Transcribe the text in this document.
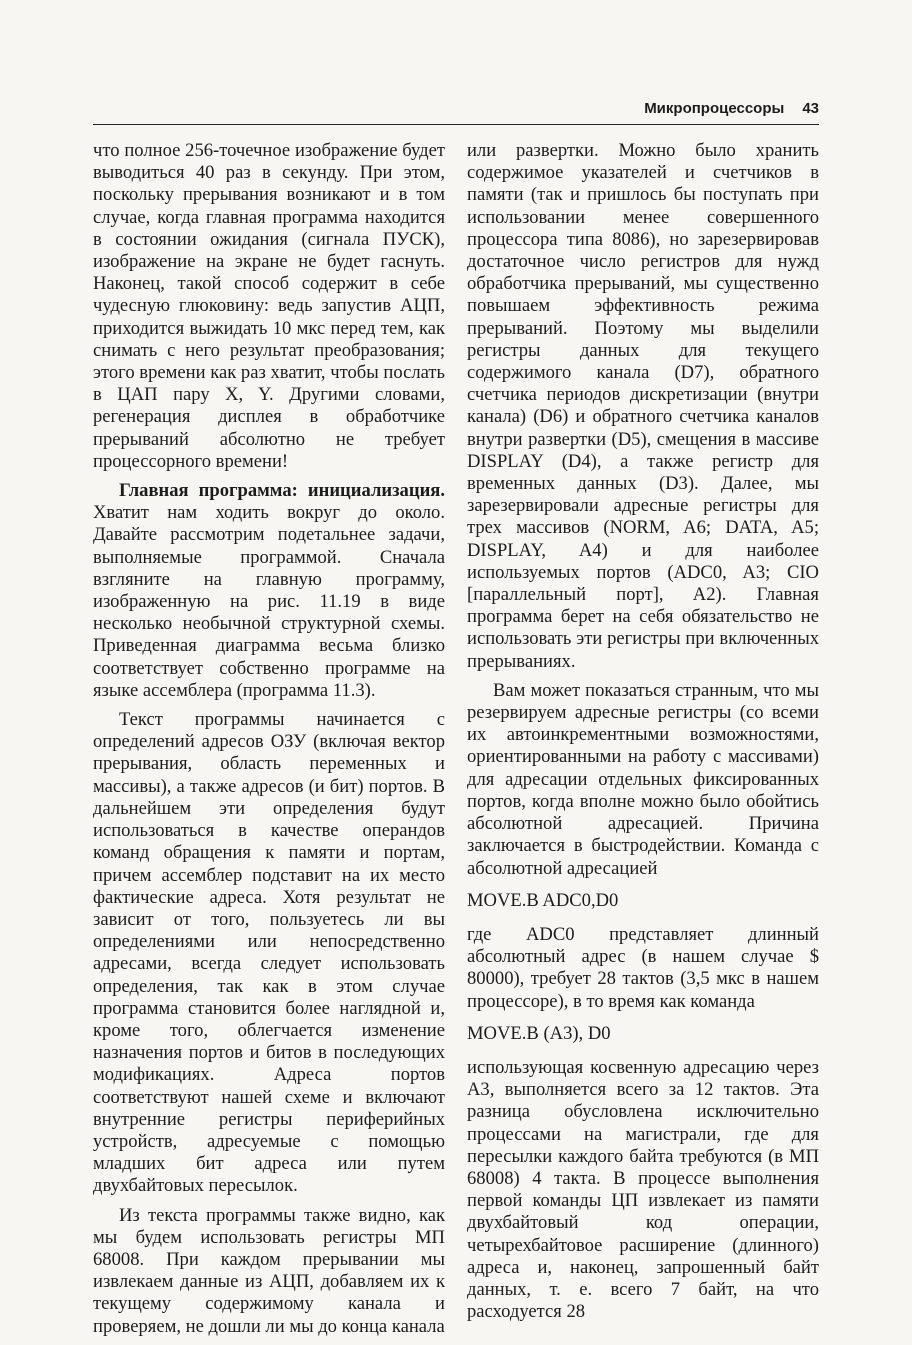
Микропроцессоры 43

что полное 256-точечное изображение будет выводиться 40 раз в секунду. При этом, поскольку прерывания возникают и в том случае, когда главная программа находится в состоянии ожидания (сигнала ПУСК), изображение на экране не будет гаснуть. Наконец, такой способ содержит в себе чудесную глюковину: ведь запустив АЦП, приходится выжидать 10 мкс перед тем, как снимать с него результат преобразования; этого времени как раз хватит, чтобы послать в ЦАП пару X, Y. Другими словами, регенерация дисплея в обработчике прерываний абсолютно не требует процессорного времени!

Главная программа: инициализация. Хватит нам ходить вокруг до около. Давайте рассмотрим подетальнее задачи, выполняемые программой. Сначала взгляните на главную программу, изображенную на рис. 11.19 в виде несколько необычной структурной схемы. Приведенная диаграмма весьма близко соответствует собственно программе на языке ассемблера (программа 11.3).

Текст программы начинается с определений адресов ОЗУ (включая вектор прерывания, область переменных и массивы), а также адресов (и бит) портов. В дальнейшем эти определения будут использоваться в качестве операндов команд обращения к памяти и портам, причем ассемблер подставит на их место фактические адреса. Хотя результат не зависит от того, пользуетесь ли вы определениями или непосредственно адресами, всегда следует использовать определения, так как в этом случае программа становится более наглядной и, кроме того, облегчается изменение назначения портов и битов в последующих модификациях. Адреса портов соответствуют нашей схеме и включают внутренние регистры периферийных устройств, адресуемые с помощью младших бит адреса или путем двухбайтовых пересылок.

Из текста программы также видно, как мы будем использовать регистры МП 68008. При каждом прерывании мы извлекаем данные из АЦП, добавляем их к текущему содержимому канала и проверяем, не дошли ли мы до конца канала

или развертки. Можно было хранить содержимое указателей и счетчиков в памяти (так и пришлось бы поступать при использовании менее совершенного процессора типа 8086), но зарезервировав достаточное число регистров для нужд обработчика прерываний, мы существенно повышаем эффективность режима прерываний. Поэтому мы выделили регистры данных для текущего содержимого канала (D7), обратного счетчика периодов дискретизации (внутри канала) (D6) и обратного счетчика каналов внутри развертки (D5), смещения в массиве DISPLAY (D4), а также регистр для временных данных (D3). Далее, мы зарезервировали адресные регистры для трех массивов (NORM, A6; DATA, A5; DISPLAY, A4) и для наиболее используемых портов (ADC0, A3; CIO [параллельный порт], A2). Главная программа берет на себя обязательство не использовать эти регистры при включенных прерываниях.

Вам может показаться странным, что мы резервируем адресные регистры (со всеми их автоинкрементными возможностями, ориентированными на работу с массивами) для адресации отдельных фиксированных портов, когда вполне можно было обойтись абсолютной адресацией. Причина заключается в быстродействии. Команда с абсолютной адресацией

MOVE.B ADC0,D0

где ADC0 представляет длинный абсолютный адрес (в нашем случае $ 80000), требует 28 тактов (3,5 мкс в нашем процессоре), в то время как команда

MOVE.B (A3), D0

использующая косвенную адресацию через A3, выполняется всего за 12 тактов. Эта разница обусловлена исключительно процессами на магистрали, где для пересылки каждого байта требуются (в МП 68008) 4 такта. В процессе выполнения первой команды ЦП извлекает из памяти двухбайтовый код операции, четырехбайтовое расширение (длинного) адреса и, наконец, запрошенный байт данных, т. е. всего 7 байт, на что расходуется 28
